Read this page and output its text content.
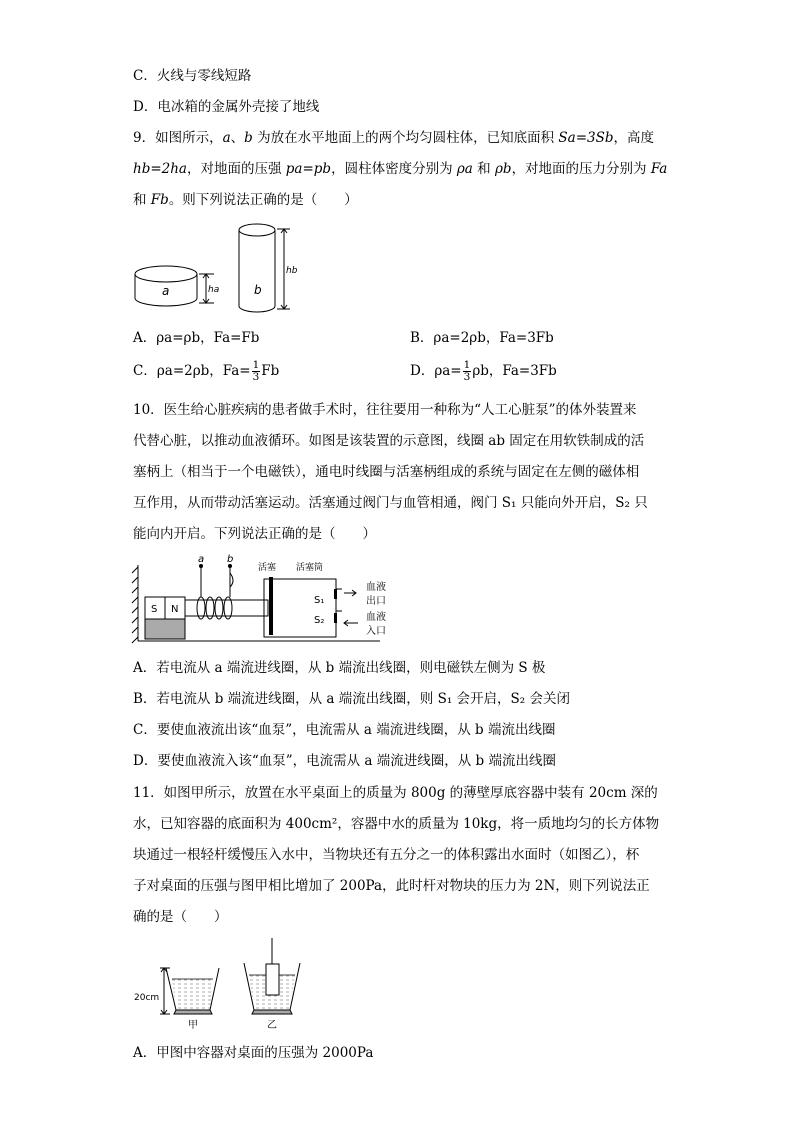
C．火线与零线短路
D．电冰箱的金属外壳接了地线
9．如图所示，a、b 为放在水平地面上的两个均匀圆柱体，已知底面积 Sa=3Sb，高度
hb=2ha，对地面的压强 pa=pb，圆柱体密度分别为 ρa 和 ρb，对地面的压力分别为 Fa
和 Fb。则下列说法正确的是（　　）
a	ha	b
hb
A．ρa=ρb，Fa=Fb	B．ρa=2ρb，Fa=3Fb
C．ρa=2ρb，$Fa= \frac{1}{3}$ Fb	D．$\rho a= \frac{1}{3}$ ρb，Fa=3Fb
10．医生给心脏疾病的患者做手术时，往往要用一种称为“人工心脏泵”的体外装置来
代替心脏，以推动血液循环。如图是该装置的示意图，线圈 ab 固定在用软铁制成的活
塞柄上（相当于一个电磁铁），通电时线圈与活塞柄组成的系统与固定在左侧的磁体相
互作用，从而带动活塞运动。活塞通过阀门与血管相通，阀门 S₁ 只能向外开启，S₂ 只
能向内开启。下列说法正确的是（　　）
a b
活塞 活塞筒
S N
S₁
S₂
血液
出口
血液
入口
A．若电流从 a 端流进线圈，从 b 端流出线圈，则电磁铁左侧为 S 极
B．若电流从 b 端流进线圈，从 a 端流出线圈，则 S₁ 会开启，S₂ 会关闭
C．要使血液流出该“血泵”，电流需从 a 端流进线圈，从 b 端流出线圈
D．要使血液流入该“血泵”，电流需从 a 端流进线圈，从 b 端流出线圈
11．如图甲所示，放置在水平桌面上的质量为 800g 的薄壁厚底容器中装有 20cm 深的
水，已知容器的底面积为 400cm²，容器中水的质量为 10kg，将一质地均匀的长方体物
块通过一根轻杆缓慢压入水中，当物块还有五分之一的体积露出水面时（如图乙），杯
子对桌面的压强与图甲相比增加了 200Pa，此时杆对物块的压力为 2N，则下列说法正
确的是（　　）
20cm
甲	乙
A．甲图中容器对桌面的压强为 2000Pa
